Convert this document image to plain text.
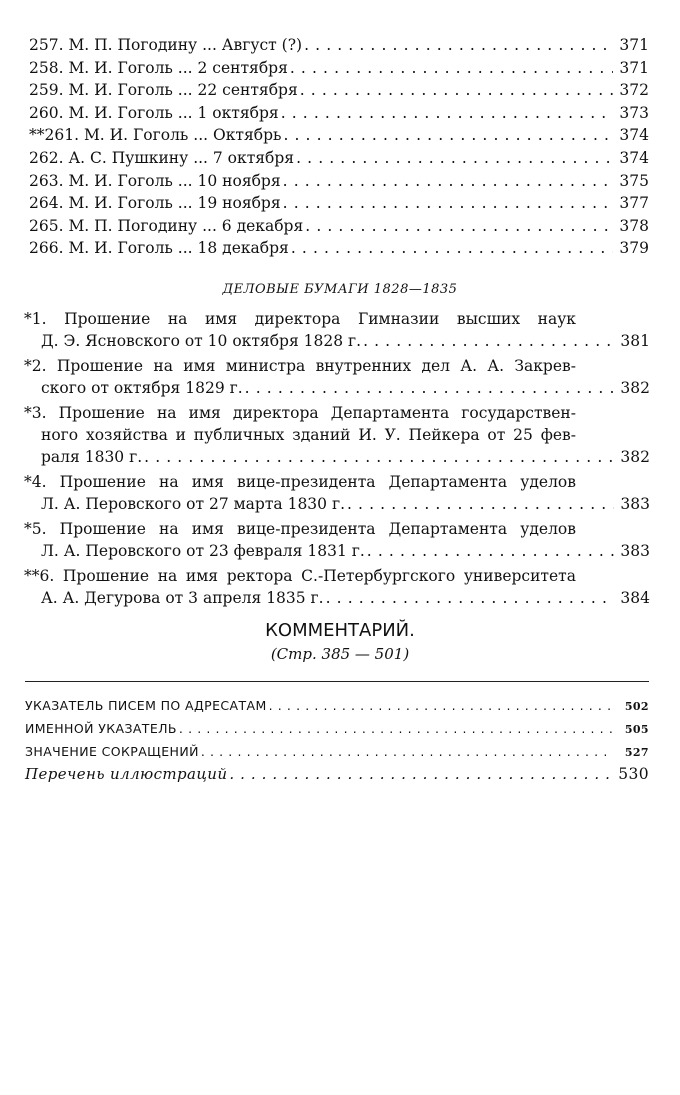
257. М. П. Погодину ... Август (?) . . .	371
258. М. И. Гоголь ... 2 сентября . . .	371
259. М. И. Гоголь ... 22 сентября . . .	372
260. М. И. Гоголь ... 1 октября . . .	373
**261. М. И. Гоголь ... Октябрь . . .	374
262. А. С. Пушкину ... 7 октября . . .	374
263. М. И. Гоголь ... 10 ноября . . .	375
264. М. И. Гоголь ... 19 ноября . . .	377
265. М. П. Погодину ... 6 декабря . . .	378
266. М. И. Гоголь ... 18 декабря . . .	379
ДЕЛОВЫЕ БУМАГИ 1828—1835
*1. Прошение на имя директора Гимназии высших наук
Д. Э. Ясновского от 10 октября 1828 г. . . .	381
*2. Прошение на имя министра внутренних дел А. А. Закрев-
ского от октября 1829 г. . . .	382
*3. Прошение на имя директора Департамента государствен-
ного хозяйства и публичных зданий И. У. Пейкера от 25 фев-
раля 1830 г. . . .	382
*4. Прошение на имя вице-президента Департамента уделов
Л. А. Перовского от 27 марта 1830 г. . . .	383
*5. Прошение на имя вице-президента Департамента уделов
Л. А. Перовского от 23 февраля 1831 г. . . .	383
**6. Прошение на имя ректора С.-Петербургского университета
А. А. Дегурова от 3 апреля 1835 г. . . .	384
КОММЕНТАРИЙ.
(Стр. 385 — 501)
УКАЗАТЕЛЬ ПИСЕМ ПО АДРЕСАТАМ . . .	502
ИМЕННОЙ УКАЗАТЕЛЬ . . .	505
ЗНАЧЕНИЕ СОКРАЩЕНИЙ . . .	527
Перечень иллюстраций . . .	530
